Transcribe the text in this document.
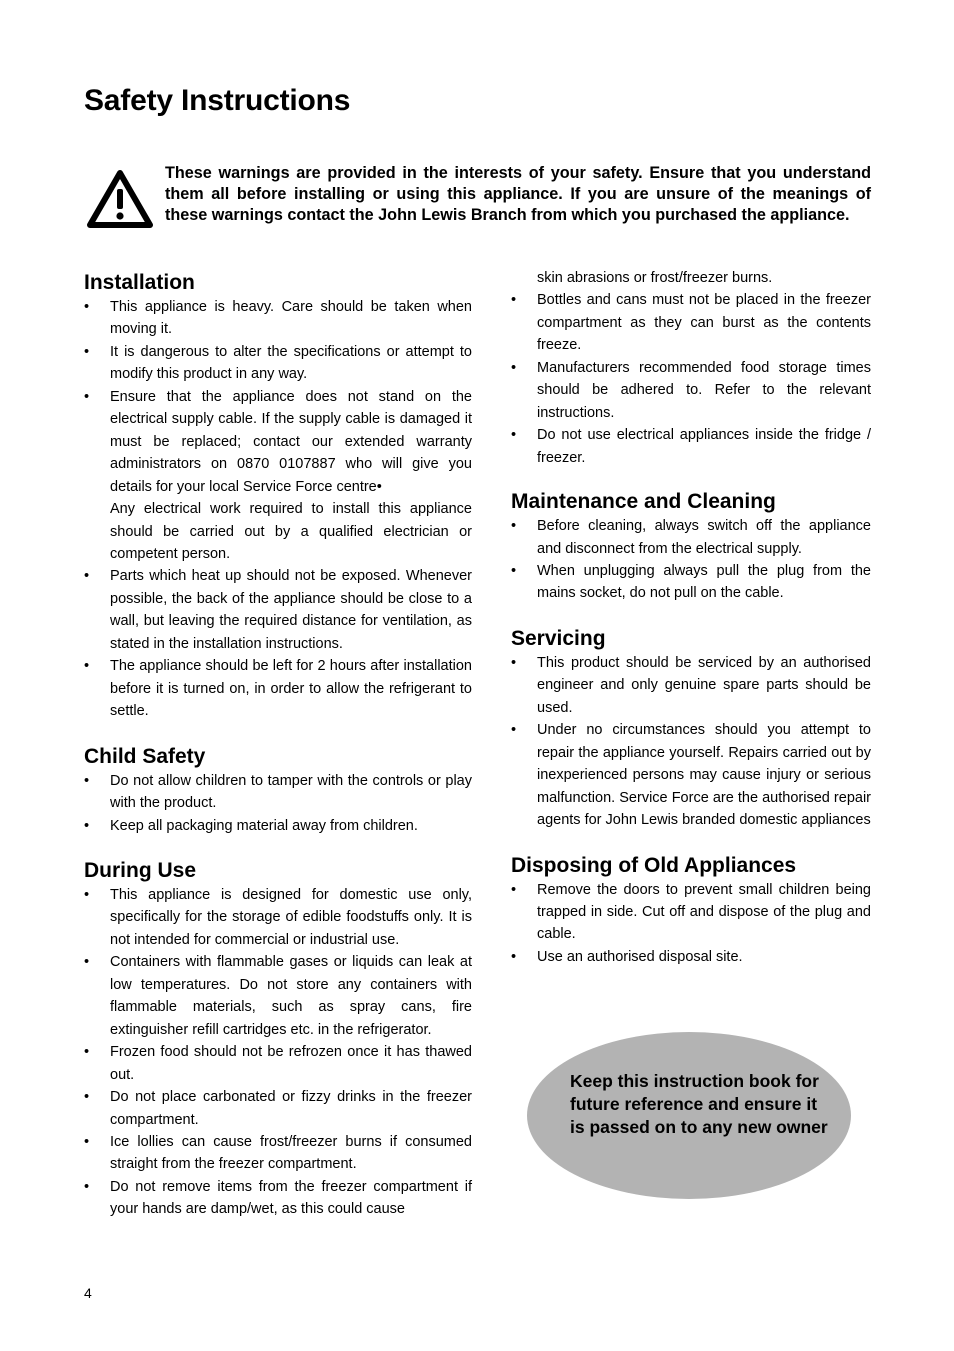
Safety Instructions

These warnings are provided in the interests of your safety. Ensure that you understand them all before installing or using this appliance. If you are unsure of the meanings of these warnings contact the John Lewis Branch from which you purchased the appliance.

Installation
• This appliance is heavy. Care should be taken when moving it.
• It is dangerous to alter the specifications or attempt to modify this product in any way.
• Ensure that the appliance does not stand on the electrical supply cable. If the supply cable is damaged it must be replaced; contact our extended warranty administrators on 0870 0107887 who will give you details for your local Service Force centre•
Any electrical work required to install this appliance should be carried out by a qualified electrician or competent person.
• Parts which heat up should not be exposed. Whenever possible, the back of the appliance should be close to a wall, but leaving the required distance for ventilation, as stated in the installation instructions.
• The appliance should be left for 2 hours after installation before it is turned on, in order to allow the refrigerant to settle.
Child Safety
• Do not allow children to tamper with the controls or play with the product.
• Keep all packaging material away from children.
During Use
• This appliance is designed for domestic use only, specifically for the storage of edible foodstuffs only. It is not intended for commercial or industrial use.
• Containers with flammable gases or liquids can leak at low temperatures. Do not store any containers with flammable materials, such as spray cans, fire extinguisher refill cartridges etc. in the refrigerator.
• Frozen food should not be refrozen once it has thawed out.
• Do not place carbonated or fizzy drinks in the freezer compartment.
• Ice lollies can cause frost/freezer burns if consumed straight from the freezer compartment.
• Do not remove items from the freezer compartment if your hands are damp/wet, as this could cause
skin abrasions or frost/freezer burns.
• Bottles and cans must not be placed in the freezer compartment as they can burst as the contents freeze.
• Manufacturers recommended food storage times should be adhered to. Refer to the relevant instructions.
• Do not use electrical appliances inside the fridge / freezer.
Maintenance and Cleaning
• Before cleaning, always switch off the appliance and disconnect from the electrical supply.
• When unplugging always pull the plug from the mains socket, do not pull on the cable.
Servicing
• This product should be serviced by an authorised engineer and only genuine spare parts should be used.
• Under no circumstances should you attempt to repair the appliance yourself. Repairs carried out by inexperienced persons may cause injury or serious malfunction. Service Force are the authorised repair agents for John Lewis branded domestic appliances
Disposing of Old Appliances
• Remove the doors to prevent small children being trapped in side. Cut off and dispose of the plug and cable.
• Use an authorised disposal site.

Keep this instruction book for future reference and ensure it is passed on to any new owner

4
